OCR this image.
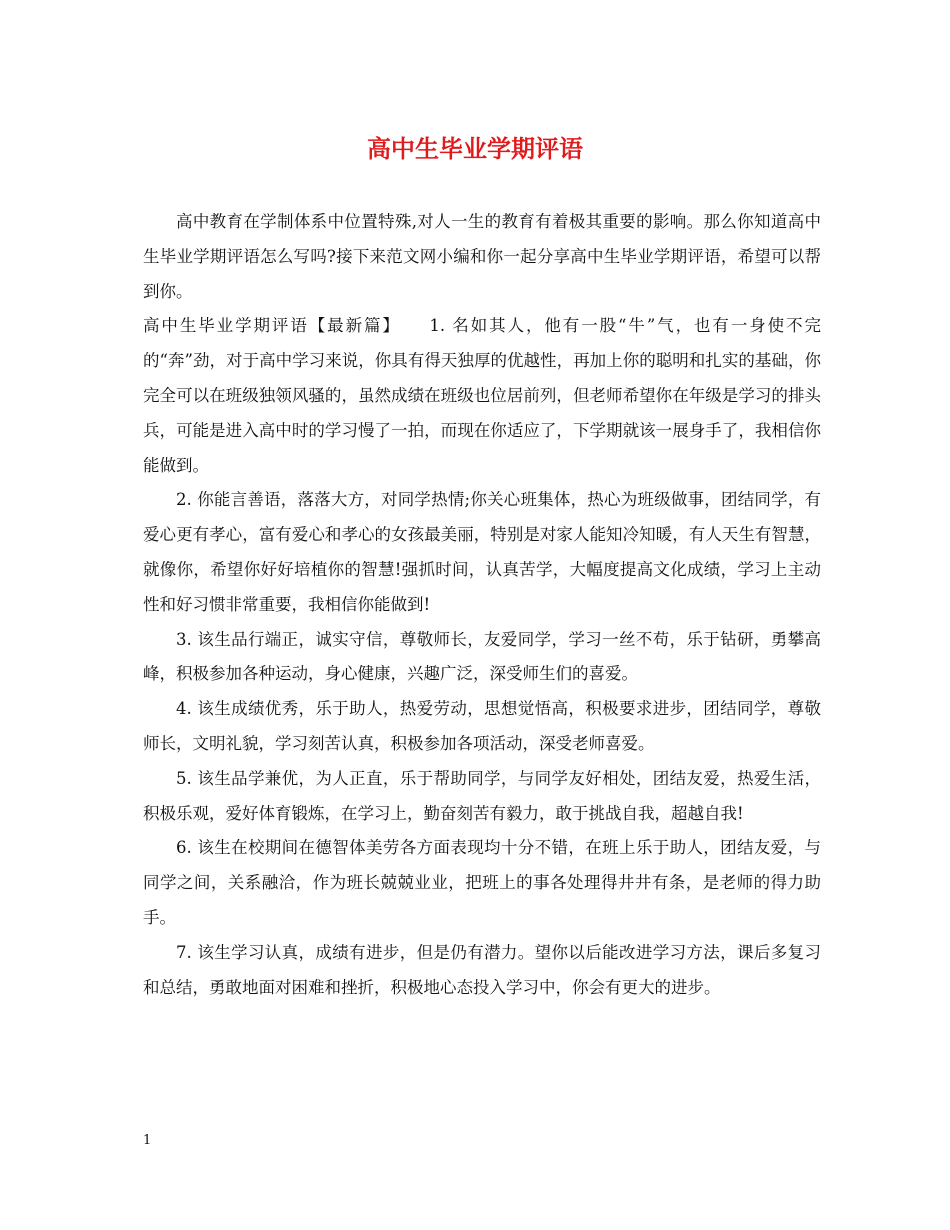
高中生毕业学期评语

高中教育在学制体系中位置特殊,对人一生的教育有着极其重要的影响。那么你知道高中生毕业学期评语怎么写吗?接下来范文网小编和你一起分享高中生毕业学期评语，希望可以帮到你。

高中生毕业学期评语【最新篇】　　1. 名如其人，他有一股“牛”气，也有一身使不完的“奔”劲，对于高中学习来说，你具有得天独厚的优越性，再加上你的聪明和扎实的基础，你完全可以在班级独领风骚的，虽然成绩在班级也位居前列，但老师希望你在年级是学习的排头兵，可能是进入高中时的学习慢了一拍，而现在你适应了，下学期就该一展身手了，我相信你能做到。

2. 你能言善语，落落大方，对同学热情;你关心班集体，热心为班级做事，团结同学，有爱心更有孝心，富有爱心和孝心的女孩最美丽，特别是对家人能知冷知暖，有人天生有智慧，就像你，希望你好好培植你的智慧!强抓时间，认真苦学，大幅度提高文化成绩，学习上主动性和好习惯非常重要，我相信你能做到!

3. 该生品行端正，诚实守信，尊敬师长，友爱同学，学习一丝不苟，乐于钻研，勇攀高峰，积极参加各种运动，身心健康，兴趣广泛，深受师生们的喜爱。

4. 该生成绩优秀，乐于助人，热爱劳动，思想觉悟高，积极要求进步，团结同学，尊敬师长，文明礼貌，学习刻苦认真，积极参加各项活动，深受老师喜爱。

5. 该生品学兼优，为人正直，乐于帮助同学，与同学友好相处，团结友爱，热爱生活，积极乐观，爱好体育锻炼，在学习上，勤奋刻苦有毅力，敢于挑战自我，超越自我!

6. 该生在校期间在德智体美劳各方面表现均十分不错，在班上乐于助人，团结友爱，与同学之间，关系融洽，作为班长兢兢业业，把班上的事各处理得井井有条，是老师的得力助手。

7. 该生学习认真，成绩有进步，但是仍有潜力。望你以后能改进学习方法，课后多复习和总结，勇敢地面对困难和挫折，积极地心态投入学习中，你会有更大的进步。

1
